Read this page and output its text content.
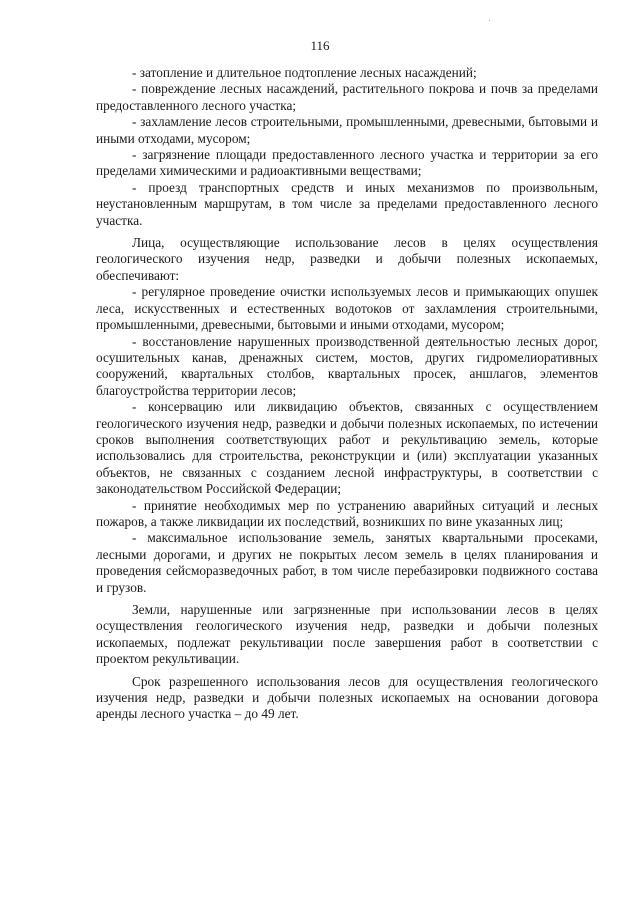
116

- затопление и длительное подтопление лесных насаждений;

- повреждение лесных насаждений, растительного покрова и почв за пределами предоставленного лесного участка;

- захламление лесов строительными, промышленными, древесными, бытовыми и иными отходами, мусором;

- загрязнение площади предоставленного лесного участка и территории за его пределами химическими и радиоактивными веществами;

- проезд транспортных средств и иных механизмов по произвольным, неустановленным маршрутам, в том числе за пределами предоставленного лесного участка.

Лица, осуществляющие использование лесов в целях осуществления геологического изучения недр, разведки и добычи полезных ископаемых, обеспечивают:

- регулярное проведение очистки используемых лесов и примыкающих опушек леса, искусственных и естественных водотоков от захламления строительными, промышленными, древесными, бытовыми и иными отходами, мусором;

- восстановление нарушенных производственной деятельностью лесных дорог, осушительных канав, дренажных систем, мостов, других гидромелиоративных сооружений, квартальных столбов, квартальных просек, аншлагов, элементов благоустройства территории лесов;

- консервацию или ликвидацию объектов, связанных с осуществлением геологического изучения недр, разведки и добычи полезных ископаемых, по истечении сроков выполнения соответствующих работ и рекультивацию земель, которые использовались для строительства, реконструкции и (или) эксплуатации указанных объектов, не связанных с созданием лесной инфраструктуры, в соответствии с законодательством Российской Федерации;

- принятие необходимых мер по устранению аварийных ситуаций и лесных пожаров, а также ликвидации их последствий, возникших по вине указанных лиц;

- максимальное использование земель, занятых квартальными просеками, лесными дорогами, и других не покрытых лесом земель в целях планирования и проведения сейсморазведочных работ, в том числе перебазировки подвижного состава и грузов.

Земли, нарушенные или загрязненные при использовании лесов в целях осуществления геологического изучения недр, разведки и добычи полезных ископаемых, подлежат рекультивации после завершения работ в соответствии с проектом рекультивации.

Срок разрешенного использования лесов для осуществления геологического изучения недр, разведки и добычи полезных ископаемых на основании договора аренды лесного участка – до 49 лет.
